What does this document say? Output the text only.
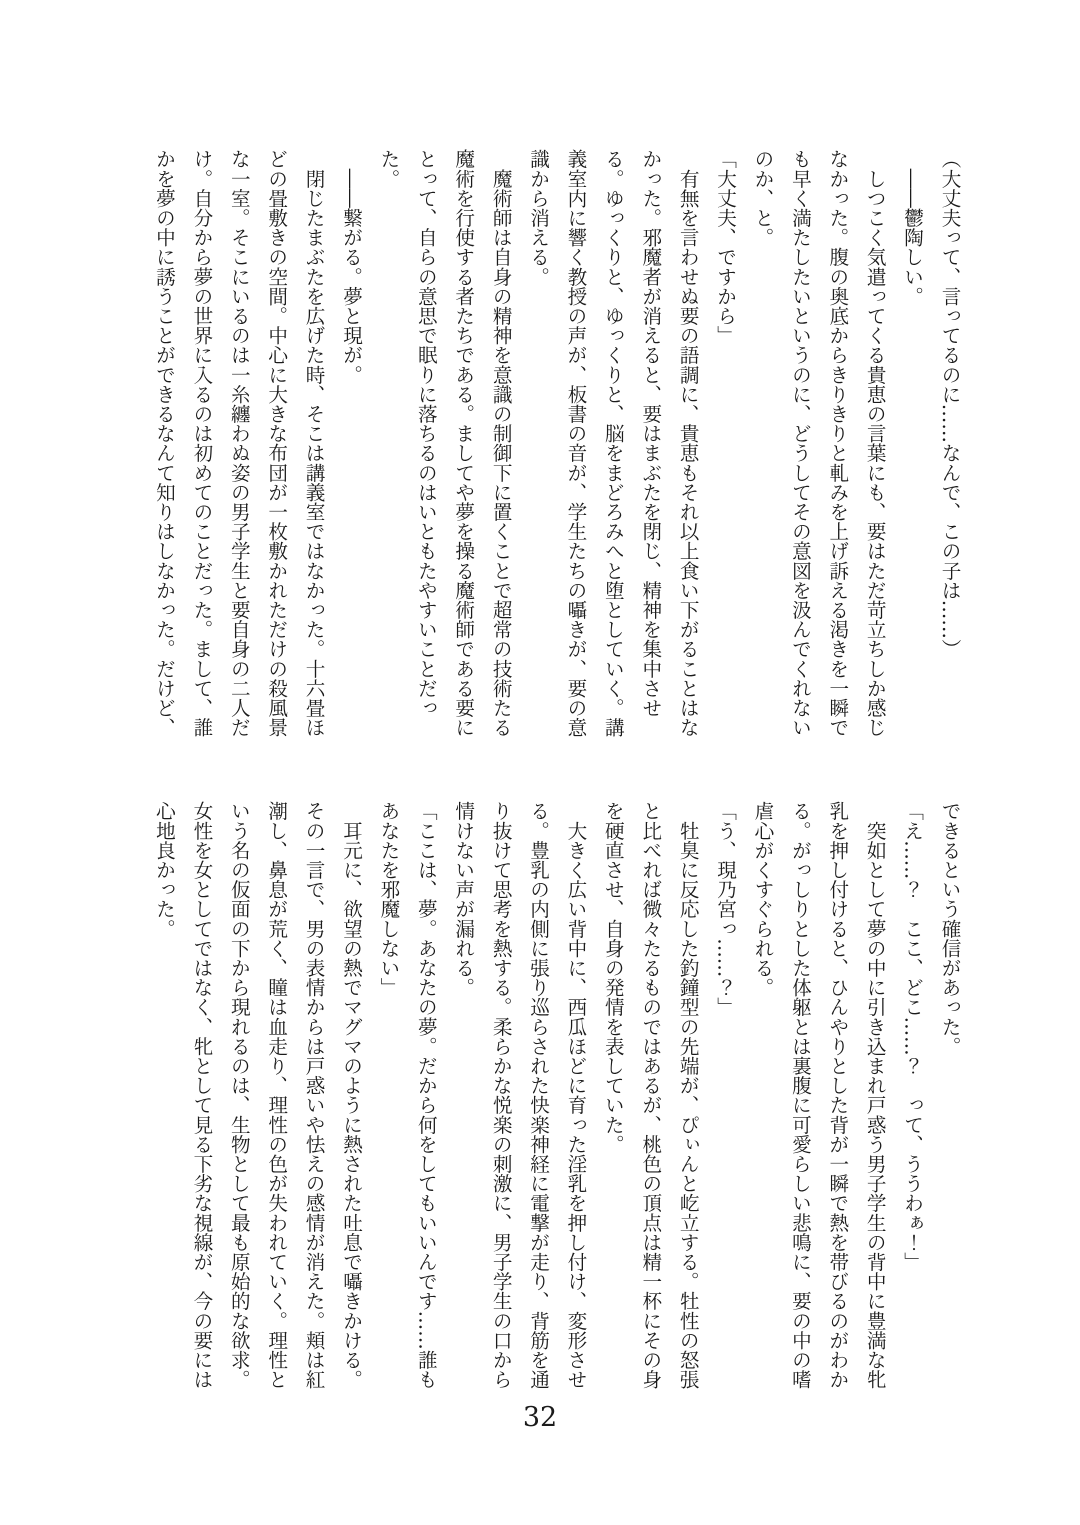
（大丈夫って、言ってるのに……なんで、この子は……）
　――鬱陶しい。
　しつこく気遣ってくる貴恵の言葉にも、要はただ苛立ちしか感じ
なかった。腹の奥底からきりきりと軋みを上げ訴える渇きを一瞬で
も早く満たしたいというのに、どうしてその意図を汲んでくれない
のか、と。
「大丈夫、ですから」
　有無を言わせぬ要の語調に、貴恵もそれ以上食い下がることはな
かった。邪魔者が消えると、要はまぶたを閉じ、精神を集中させ
る。ゆっくりと、ゆっくりと、脳をまどろみへと堕としていく。講
義室内に響く教授の声が、板書の音が、学生たちの囁きが、要の意
識から消える。
　魔術師は自身の精神を意識の制御下に置くことで超常の技術たる
魔術を行使する者たちである。ましてや夢を操る魔術師である要に
とって、自らの意思で眠りに落ちるのはいともたやすいことだっ
た。
　――繋がる。夢と現が。
　閉じたまぶたを広げた時、そこは講義室ではなかった。十六畳ほ
どの畳敷きの空間。中心に大きな布団が一枚敷かれただけの殺風景
な一室。そこにいるのは一糸纏わぬ姿の男子学生と要自身の二人だ
け。自分から夢の世界に入るのは初めてのことだった。まして、誰
かを夢の中に誘うことができるなんて知りはしなかった。だけど、
できるという確信があった。
「え……？　ここ、どこ……？　って、ううわぁ！」
　突如として夢の中に引き込まれ戸惑う男子学生の背中に豊満な牝
乳を押し付けると、ひんやりとした背が一瞬で熱を帯びるのがわか
る。がっしりとした体躯とは裏腹に可愛らしい悲鳴に、要の中の嗜
虐心がくすぐられる。
「う、現乃宮っ……？」
　牡臭に反応した釣鐘型の先端が、ぴぃんと屹立する。牡性の怒張
と比べれば微々たるものではあるが、桃色の頂点は精一杯にその身
を硬直させ、自身の発情を表していた。
　大きく広い背中に、西瓜ほどに育った淫乳を押し付け、変形させ
る。豊乳の内側に張り巡らされた快楽神経に電撃が走り、背筋を通
り抜けて思考を熱する。柔らかな悦楽の刺激に、男子学生の口から
情けない声が漏れる。
「ここは、夢。あなたの夢。だから何をしてもいいんです……誰も
あなたを邪魔しない」
　耳元に、欲望の熱でマグマのように熱された吐息で囁きかける。
その一言で、男の表情からは戸惑いや怯えの感情が消えた。頬は紅
潮し、鼻息が荒く、瞳は血走り、理性の色が失われていく。理性と
いう名の仮面の下から現れるのは、生物として最も原始的な欲求。
女性を女としてではなく、牝として見る下劣な視線が、今の要には
心地良かった。
32
